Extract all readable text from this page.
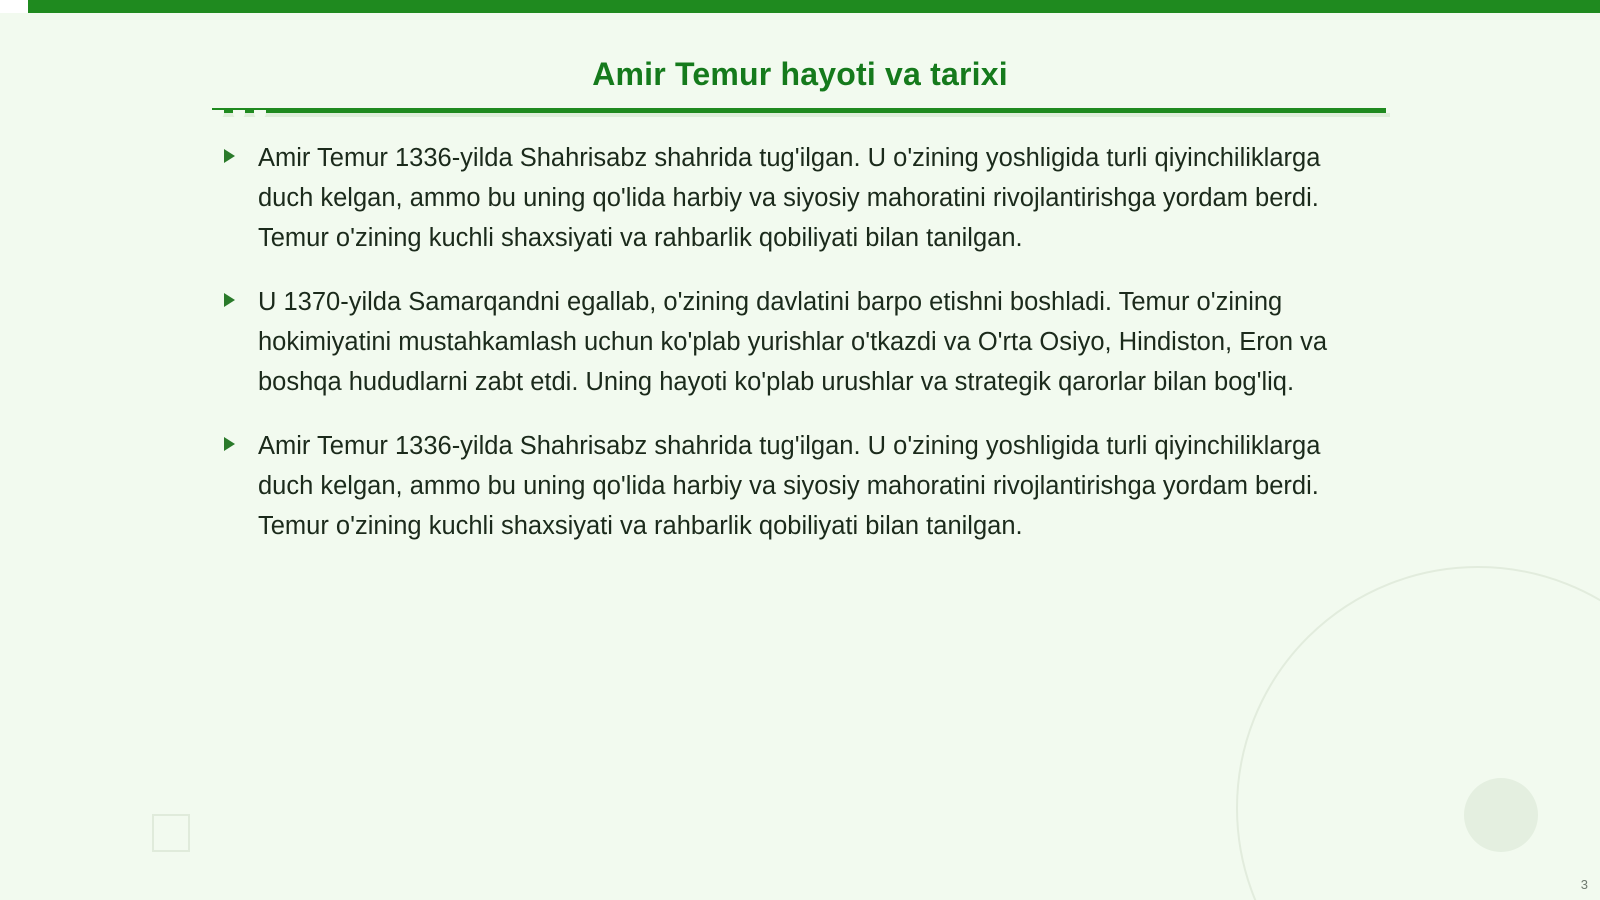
Amir Temur hayoti va tarixi
Amir Temur 1336-yilda Shahrisabz shahrida tug'ilgan. U o'zining yoshligida turli qiyinchiliklarga duch kelgan, ammo bu uning qo'lida harbiy va siyosiy mahoratini rivojlantirishga yordam berdi. Temur o'zining kuchli shaxsiyati va rahbarlik qobiliyati bilan tanilgan.
U 1370-yilda Samarqandni egallab, o'zining davlatini barpo etishni boshladi. Temur o'zining hokimiyatini mustahkamlash uchun ko'plab yurishlar o'tkazdi va O'rta Osiyo, Hindiston, Eron va boshqa hududlarni zabt etdi. Uning hayoti ko'plab urushlar va strategik qarorlar bilan bog'liq.
Amir Temur 1336-yilda Shahrisabz shahrida tug'ilgan. U o'zining yoshligida turli qiyinchiliklarga duch kelgan, ammo bu uning qo'lida harbiy va siyosiy mahoratini rivojlantirishga yordam berdi. Temur o'zining kuchli shaxsiyati va rahbarlik qobiliyati bilan tanilgan.
3
